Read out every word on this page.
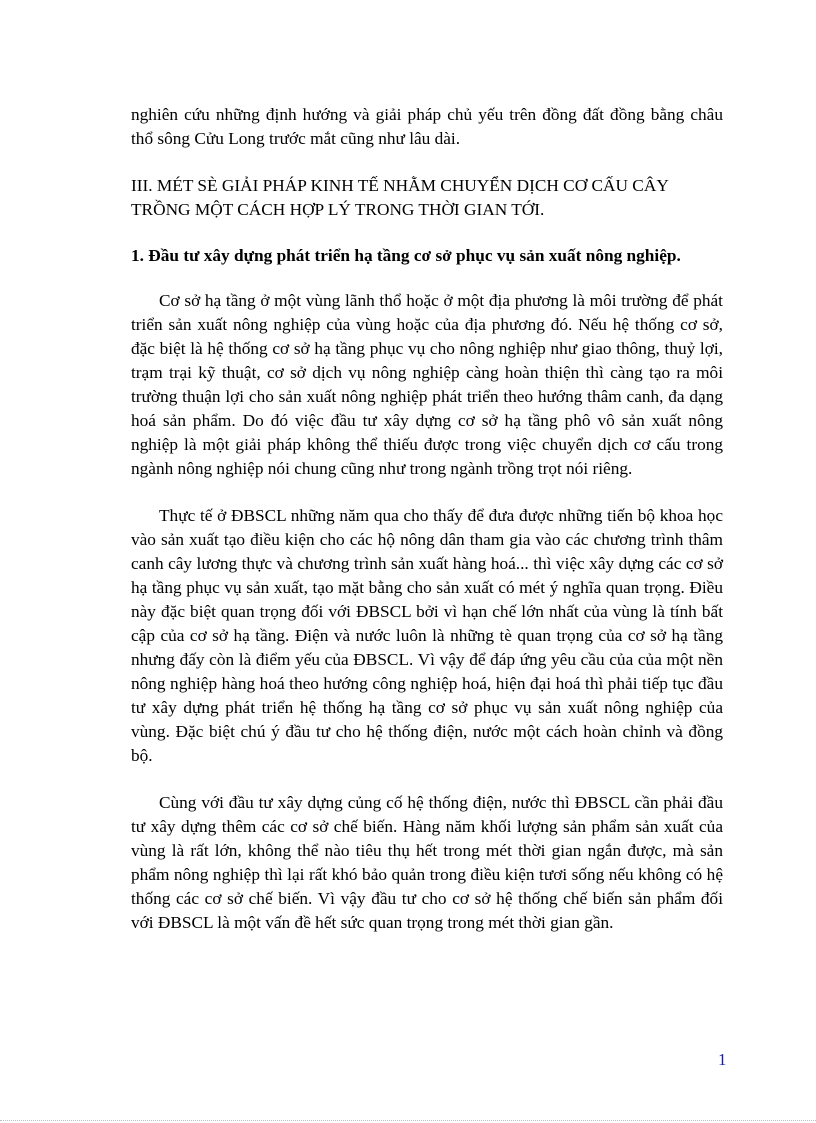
nghiên cứu những định hướng và giải pháp chủ yếu trên đồng đất đồng bằng châu thổ sông Cửu Long trước mắt cũng như lâu dài.

III. MÉT SÈ GIẢI PHÁP KINH TẾ NHẰM CHUYỂN DỊCH CƠ CẤU CÂY TRỒNG MỘT CÁCH HỢP LÝ TRONG THỜI GIAN TỚI.

1. Đầu tư xây dựng phát triển hạ tầng cơ sở phục vụ sản xuất nông nghiệp.

Cơ sở hạ tầng ở một vùng lãnh thổ hoặc ở một địa phương là môi trường để phát triển sản xuất nông nghiệp của vùng hoặc của địa phương đó. Nếu hệ thống cơ sở, đặc biệt là hệ thống cơ sở hạ tầng phục vụ cho nông nghiệp như giao thông, thuỷ lợi, trạm trại kỹ thuật, cơ sở dịch vụ nông nghiệp càng hoàn thiện thì càng tạo ra môi trường thuận lợi cho sản xuất nông nghiệp phát triển theo hướng thâm canh, đa dạng hoá sản phẩm. Do đó việc đầu tư xây dựng cơ sở hạ tầng phô vô sản xuất nông nghiệp là một giải pháp không thể thiếu được trong việc chuyển dịch cơ cấu trong ngành nông nghiệp nói chung cũng như trong ngành trồng trọt nói riêng.

Thực tế ở ĐBSCL những năm qua cho thấy để đưa được những tiến bộ khoa học vào sản xuất tạo điều kiện cho các hộ nông dân tham gia vào các chương trình thâm canh cây lương thực và chương trình sản xuất hàng hoá... thì việc xây dựng các cơ sở hạ tầng phục vụ sản xuất, tạo mặt bằng cho sản xuất có mét ý nghĩa quan trọng. Điều này đặc biệt quan trọng đối với ĐBSCL bởi vì hạn chế lớn nhất của vùng là tính bất cập của cơ sở hạ tầng. Điện và nước luôn là những tè quan trọng của cơ sở hạ tầng nhưng đấy còn là điểm yếu của ĐBSCL. Vì vậy để đáp ứng yêu cầu của của một nền nông nghiệp hàng hoá theo hướng công nghiệp hoá, hiện đại hoá thì phải tiếp tục đầu tư xây dựng phát triển hệ thống hạ tầng cơ sở phục vụ sản xuất nông nghiệp của vùng. Đặc biệt chú ý đầu tư cho hệ thống điện, nước một cách hoàn chỉnh và đồng bộ.

Cùng với đầu tư xây dựng củng cố hệ thống điện, nước thì ĐBSCL cần phải đầu tư xây dựng thêm các cơ sở chế biến. Hàng năm khối lượng sản phẩm sản xuất của vùng là rất lớn, không thể nào tiêu thụ hết trong mét thời gian ngắn được, mà sản phẩm nông nghiệp thì lại rất khó bảo quản trong điều kiện tươi sống nếu không có hệ thống các cơ sở chế biến. Vì vậy đầu tư cho cơ sở hệ thống chế biến sản phẩm đối với ĐBSCL là một vấn đề hết sức quan trọng trong mét thời gian gần.

1
